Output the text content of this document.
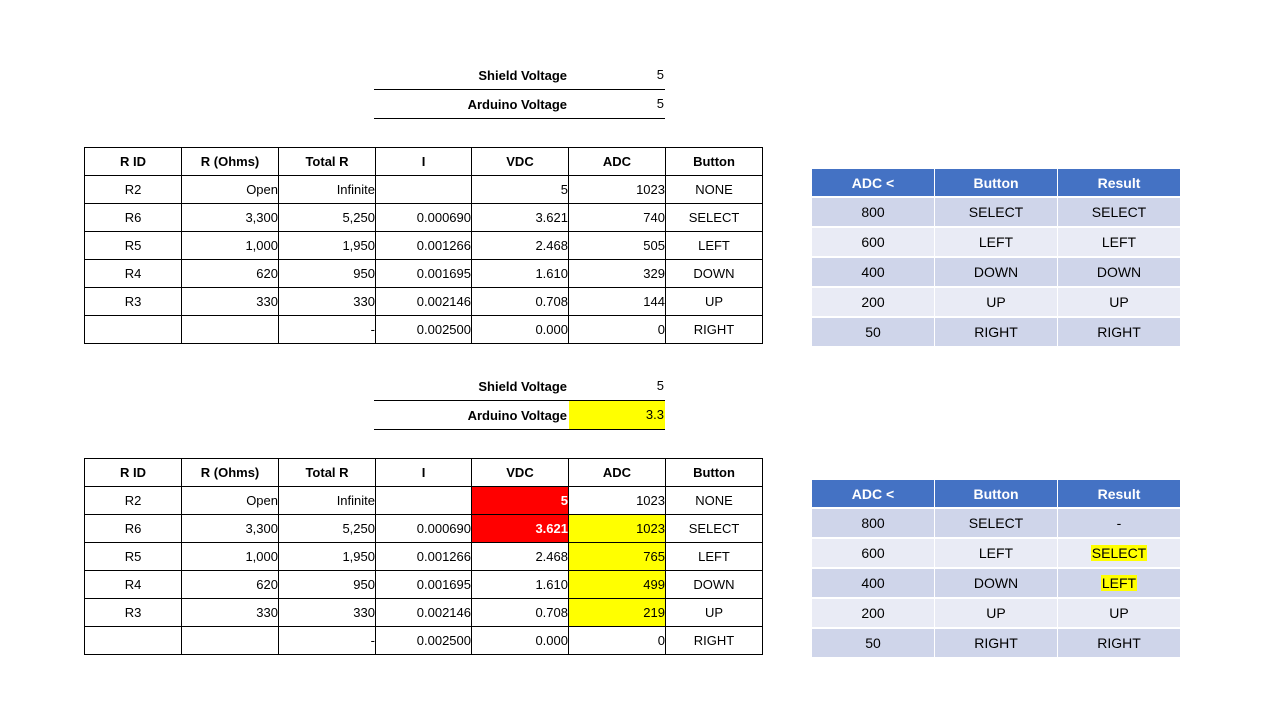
Shield Voltage	5
Arduino Voltage	5
R ID	R (Ohms)	Total R	I	VDC	ADC	Button
R2	Open	Infinite		5	1023	NONE
R6	3,300	5,250	0.000690	3.621	740	SELECT
R5	1,000	1,950	0.001266	2.468	505	LEFT
R4	620	950	0.001695	1.610	329	DOWN
R3	330	330	0.002146	0.708	144	UP
		-	0.002500	0.000	0	RIGHT
ADC <	Button	Result
800	SELECT	SELECT
600	LEFT	LEFT
400	DOWN	DOWN
200	UP	UP
50	RIGHT	RIGHT
Shield Voltage	5
Arduino Voltage	3.3
R ID	R (Ohms)	Total R	I	VDC	ADC	Button
R2	Open	Infinite		5	1023	NONE
R6	3,300	5,250	0.000690	3.621	1023	SELECT
R5	1,000	1,950	0.001266	2.468	765	LEFT
R4	620	950	0.001695	1.610	499	DOWN
R3	330	330	0.002146	0.708	219	UP
		-	0.002500	0.000	0	RIGHT
ADC <	Button	Result
800	SELECT	-
600	LEFT	SELECT
400	DOWN	LEFT
200	UP	UP
50	RIGHT	RIGHT
